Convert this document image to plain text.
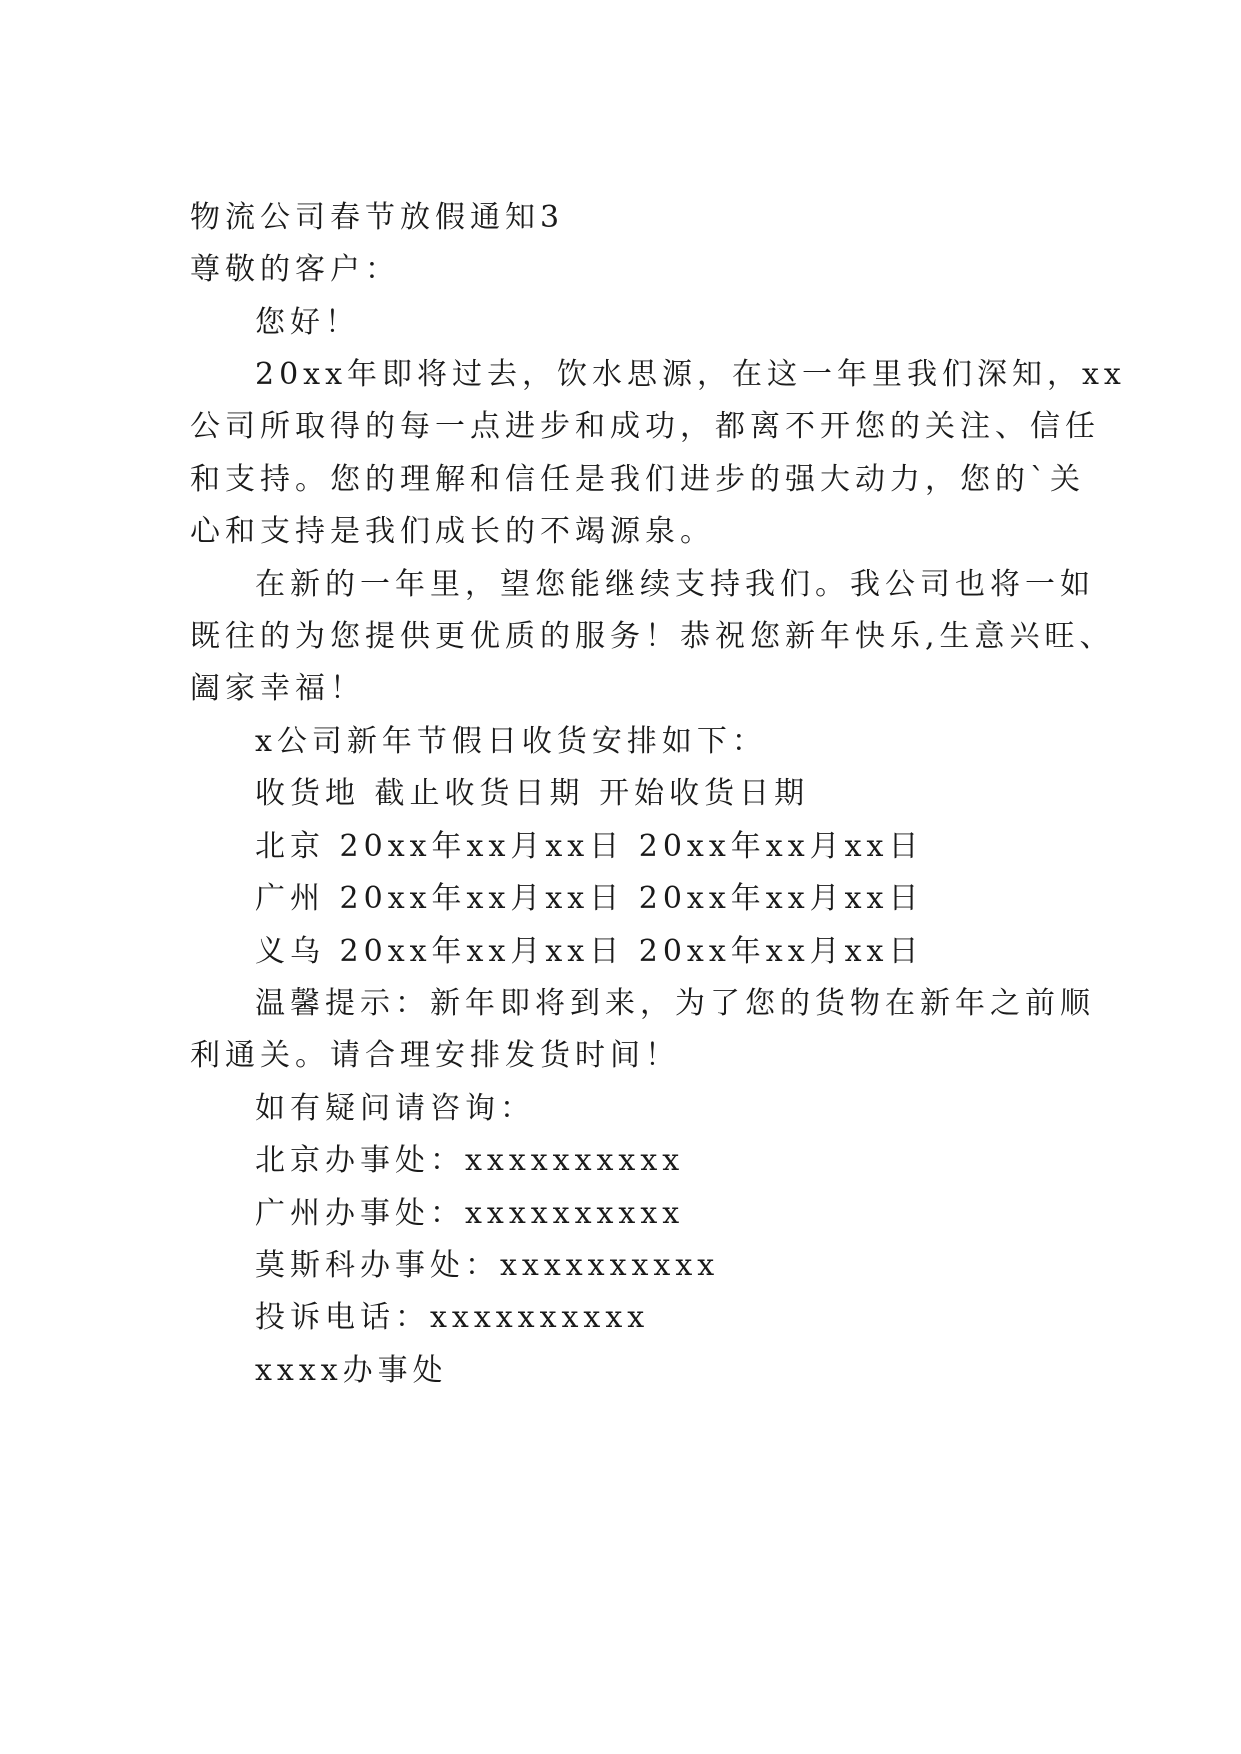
物流公司春节放假通知3
尊敬的客户：
您好！
20xx年即将过去，饮水思源，在这一年里我们深知，xx
公司所取得的每一点进步和成功，都离不开您的关注、信任
和支持。您的理解和信任是我们进步的强大动力，您的`关
心和支持是我们成长的不竭源泉。
在新的一年里，望您能继续支持我们。我公司也将一如
既往的为您提供更优质的服务！恭祝您新年快乐,生意兴旺、
阖家幸福！
x公司新年节假日收货安排如下：
收货地 截止收货日期 开始收货日期
北京 20xx年xx月xx日 20xx年xx月xx日
广州 20xx年xx月xx日 20xx年xx月xx日
义乌 20xx年xx月xx日 20xx年xx月xx日
温馨提示：新年即将到来，为了您的货物在新年之前顺
利通关。请合理安排发货时间！
如有疑问请咨询：
北京办事处：xxxxxxxxxx
广州办事处：xxxxxxxxxx
莫斯科办事处：xxxxxxxxxx
投诉电话：xxxxxxxxxx
xxxx办事处
